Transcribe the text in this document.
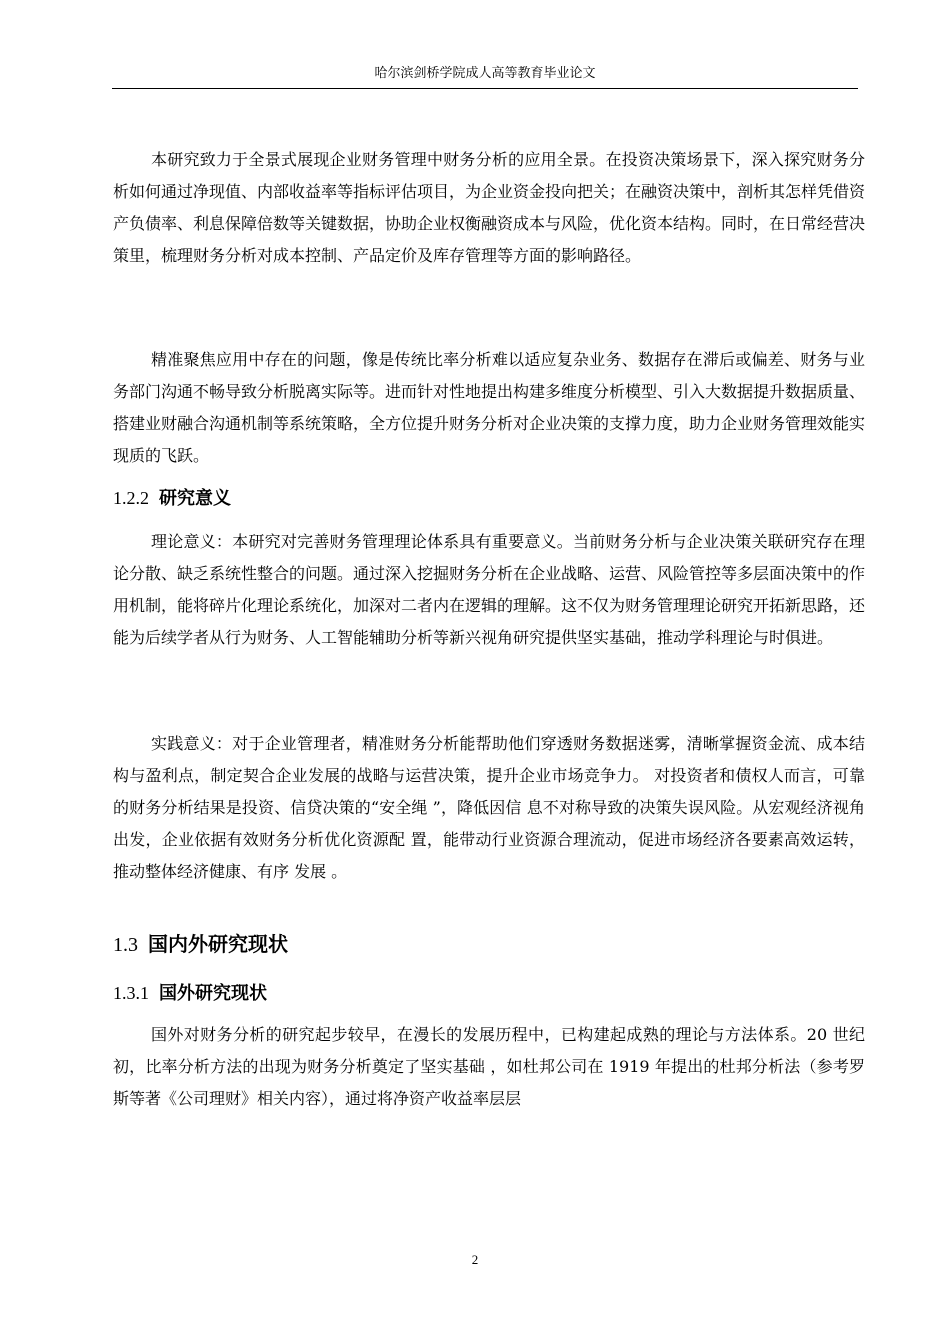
哈尔滨剑桥学院成人高等教育毕业论文

本研究致力于全景式展现企业财务管理中财务分析的应用全景。在投资决策场景下，深入探究财务分析如何通过净现值、内部收益率等指标评估项目，为企业资金投向把关；在融资决策中，剖析其怎样凭借资产负债率、利息保障倍数等关键数据，协助企业权衡融资成本与风险，优化资本结构。同时，在日常经营决策里，梳理财务分析对成本控制、产品定价及库存管理等方面的影响路径。

精准聚焦应用中存在的问题，像是传统比率分析难以适应复杂业务、数据存在滞后或偏差、财务与业务部门沟通不畅导致分析脱离实际等。进而针对性地提出构建多维度分析模型、引入大数据提升数据质量、搭建业财融合沟通机制等系统策略，全方位提升财务分析对企业决策的支撑力度，助力企业财务管理效能实现质的飞跃。

1.2.2 研究意义

理论意义：本研究对完善财务管理理论体系具有重要意义。当前财务分析与企业决策关联研究存在理论分散、缺乏系统性整合的问题。通过深入挖掘财务分析在企业战略、运营、风险管控等多层面决策中的作用机制，能将碎片化理论系统化，加深对二者内在逻辑的理解。这不仅为财务管理理论研究开拓新思路，还能为后续学者从行为财务、人工智能辅助分析等新兴视角研究提供坚实基础，推动学科理论与时俱进。

实践意义：对于企业管理者，精准财务分析能帮助他们穿透财务数据迷雾，清晰掌握资金流、成本结构与盈利点，制定契合企业发展的战略与运营决策，提升企业市场竞争力。 对投资者和债权人而言，可靠的财务分析结果是投资、信贷决策的“安全绳 ”，降低因信 息不对称导致的决策失误风险。从宏观经济视角出发，企业依据有效财务分析优化资源配 置，能带动行业资源合理流动，促进市场经济各要素高效运转，推动整体经济健康、有序 发展 。

1.3 国内外研究现状
1.3.1 国外研究现状

国外对财务分析的研究起步较早，在漫长的发展历程中，已构建起成熟的理论与方法体系。20 世纪初，比率分析方法的出现为财务分析奠定了坚实基础 ，如杜邦公司在 1919 年提出的杜邦分析法（参考罗斯等著《公司理财》相关内容），通过将净资产收益率层层

2
